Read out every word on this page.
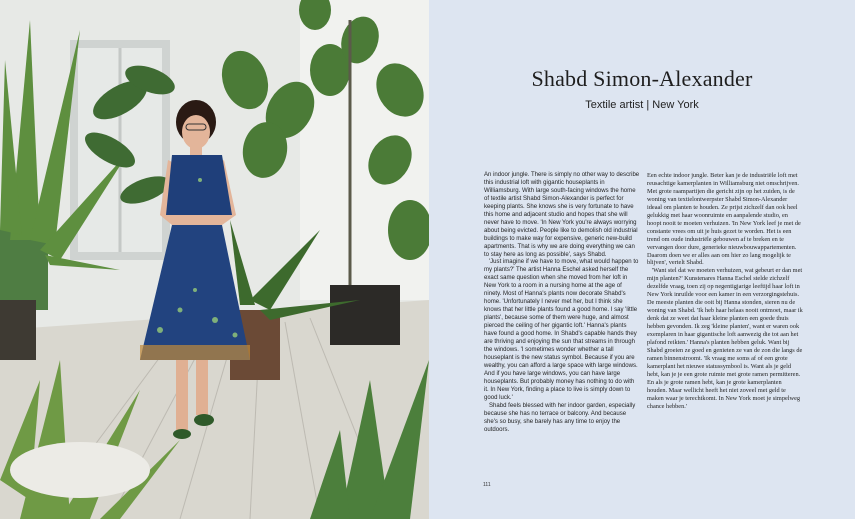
Shabd Simon-Alexander

Textile artist | New York

An indoor jungle. There is simply no other way to describe this industrial loft with gigantic houseplants in Williamsburg. With large south-facing windows the home of textile artist Shabd Simon-Alexander is perfect for keeping plants. She knows she is very fortunate to have this home and adjacent studio and hopes that she will never have to move. 'In New York you're always worrying about being evicted. People like to demolish old industrial buildings to make way for expensive, generic new-build apartments. That is why we are doing everything we can to stay here as long as possible', says Shabd.

'Just imagine if we have to move, what would happen to my plants?' The artist Hanna Eschel asked herself the exact same question when she moved from her loft in New York to a room in a nursing home at the age of ninety. Most of Hanna's plants now decorate Shabd's home. 'Unfortunately I never met her, but I think she knows that her little plants found a good home. I say 'little plants', because some of them were huge, and almost pierced the ceiling of her gigantic loft.' Hanna's plants have found a good home. In Shabd's capable hands they are thriving and enjoying the sun that streams in through the windows. 'I sometimes wonder whether a tall houseplant is the new status symbol. Because if you are wealthy, you can afford a large space with large windows. And if you have large windows, you can have large houseplants. But probably money has nothing to do with it. In New York, finding a place to live is simply down to good luck.'

Shabd feels blessed with her indoor garden, especially because she has no terrace or balcony. And because she's so busy, she barely has any time to enjoy the outdoors.

Een echte indoor jungle. Beter kan je de industriële loft met reusachtige kamerplanten in Williamsburg niet omschrijven. Met grote raampartijen die gericht zijn op het zuiden, is de woning van textielontwerpster Shabd Simon-Alexander ideaal om planten te houden. Ze prijst zichzelf dan ook heel gelukkig met haar woonruimte en aanpalende studio, en hoopt nooit te moeten verhuizen. 'In New York leef je met de constante vrees om uit je huis gezet te worden. Het is een trend om oude industriële gebouwen af te breken en te vervangen door dure, generieke nieuwbouwappartementen. Daarom doen we er alles aan om hier zo lang mogelijk te blijven', vertelt Shabd.

'Want stel dat we moeten verhuizen, wat gebeurt er dan met mijn planten?' Kunstenares Hanna Eschel stelde zichzelf dezelfde vraag, toen zij op negentigjarige leeftijd haar loft in New York inruilde voor een kamer in een verzorgingstehuis. De meeste planten die ooit bij Hanna stonden, sieren nu de woning van Shabd. 'Ik heb haar helaas nooit ontmoet, maar ik denk dat ze weet dat haar kleine planten een goede thuis hebben gevonden. Ik zeg 'kleine planten', want er waren ook exemplaren in haar gigantische loft aanwezig die tot aan het plafond reikten.' Hanna's planten hebben geluk. Want bij Shabd groeien ze goed en genieten ze van de zon die langs de ramen binnenstroomt. 'Ik vraag me soms af of een grote kamerplant het nieuwe statussymbool is. Want als je geld hebt, kan je je een grote ruimte met grote ramen permitteren. En als je grote ramen hebt, kan je grote kamerplanten houden. Maar wellicht heeft het niet zoveel met geld te maken waar je terechtkomt. In New York moet je simpelweg chance hebben.'

111
